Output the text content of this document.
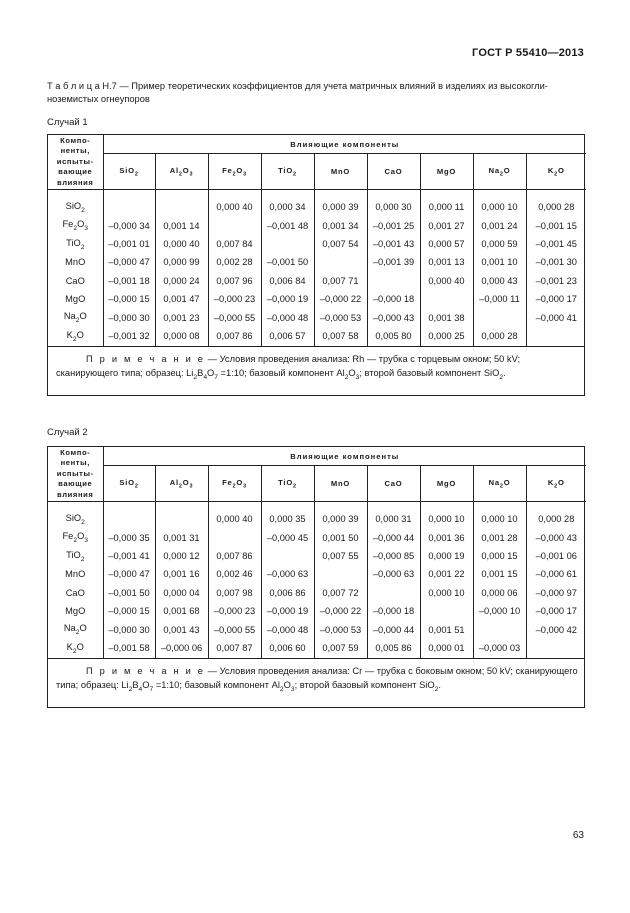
ГОСТ Р 55410—2013
Т а б л и ц а Н.7 — Пример теоретических коэффициентов для учета матричных влияний в изделиях из высокогли-ноземистых огнеупоров
Случай 1
Компо-
ненты,
испыты-
вающие
влияния	Влияющие компоненты								
	SiO$_2$	$Al_2O_3$	$Fe_2O_3$	TiO$_2$	MnO	CaO	MgO	$Na_2O$	$K_2O$

SiO$_2$			0,000 40	0,000 34	0,000 39	0,000 30	0,000 11	0,000 10	0,000 28
$Fe_2O_3$	–0,000 34	0,001 14		–0,001 48	0,001 34	–0,001 25	0,001 27	0,001 24	–0,001 15
TiO$_2$	–0,001 01	0,000 40	0,007 84		0,007 54	–0,001 43	0,000 57	0,000 59	–0,001 45
MnO	–0,000 47	0,000 99	0,002 28	–0,001 50		–0,001 39	0,001 13	0,001 10	–0,001 30
CaO	–0,001 18	0,000 24	0,007 96	0,006 84	0,007 71		0,000 40	0,000 43	–0,001 23
MgO	–0,000 15	0,001 47	–0,000 23	–0,000 19	–0,000 22	–0,000 18		–0,000 11	–0,000 17
$Na_2O$	–0,000 30	0,001 23	–0,000 55	–0,000 48	–0,000 53	–0,000 43	0,001 38		–0,000 41
$K_2O$	–0,001 32	0,000 08	0,007 86	0,006 57	0,007 58	0,005 80	0,000 25	0,000 28	
П р и м е ч а н и е — Условия проведения анализа: Rh — трубка с торцевым окном; 50 kV; сканирующего типа; образец: $Li_2B_4O_7$ =1:10; базовый компонент $Al_2O_3$; второй базовый компонент SiO$_2$.
Случай 2
Компо-
ненты,
испыты-
вающие
влияния	Влияющие компоненты								
	SiO$_2$	$Al_2O_3$	$Fe_2O_3$	TiO$_2$	MnO	CaO	MgO	$Na_2O$	$K_2O$

SiO$_2$			0,000 40	0,000 35	0,000 39	0,000 31	0,000 10	0,000 10	0,000 28
$Fe_2O_3$	–0,000 35	0,001 31		–0,000 45	0,001 50	–0,000 44	0,001 36	0,001 28	–0,000 43
TiO$_2$	–0,001 41	0,000 12	0,007 86		0,007 55	–0,000 85	0,000 19	0,000 15	–0,001 06
MnO	–0,000 47	0,001 16	0,002 46	–0,000 63		–0,000 63	0,001 22	0,001 15	–0,000 61
CaO	–0,001 50	0,000 04	0,007 98	0,006 86	0,007 72		0,000 10	0,000 06	–0,000 97
MgO	–0,000 15	0,001 68	–0,000 23	–0,000 19	–0,000 22	–0,000 18		–0,000 10	–0,000 17
$Na_2O$	–0,000 30	0,001 43	–0,000 55	–0,000 48	–0,000 53	–0,000 44	0,001 51		–0,000 42
$K_2O$	–0,001 58	–0,000 06	0,007 87	0,006 60	0,007 59	0,005 86	0,000 01	–0,000 03	
П р и м е ч а н и е — Условия проведения анализа: Cr — трубка с боковым окном; 50 kV; сканирующего типа; образец: $Li_2B_4O_7$ =1:10; базовый компонент $Al_2O_3$; второй базовый компонент SiO$_2$.
63
